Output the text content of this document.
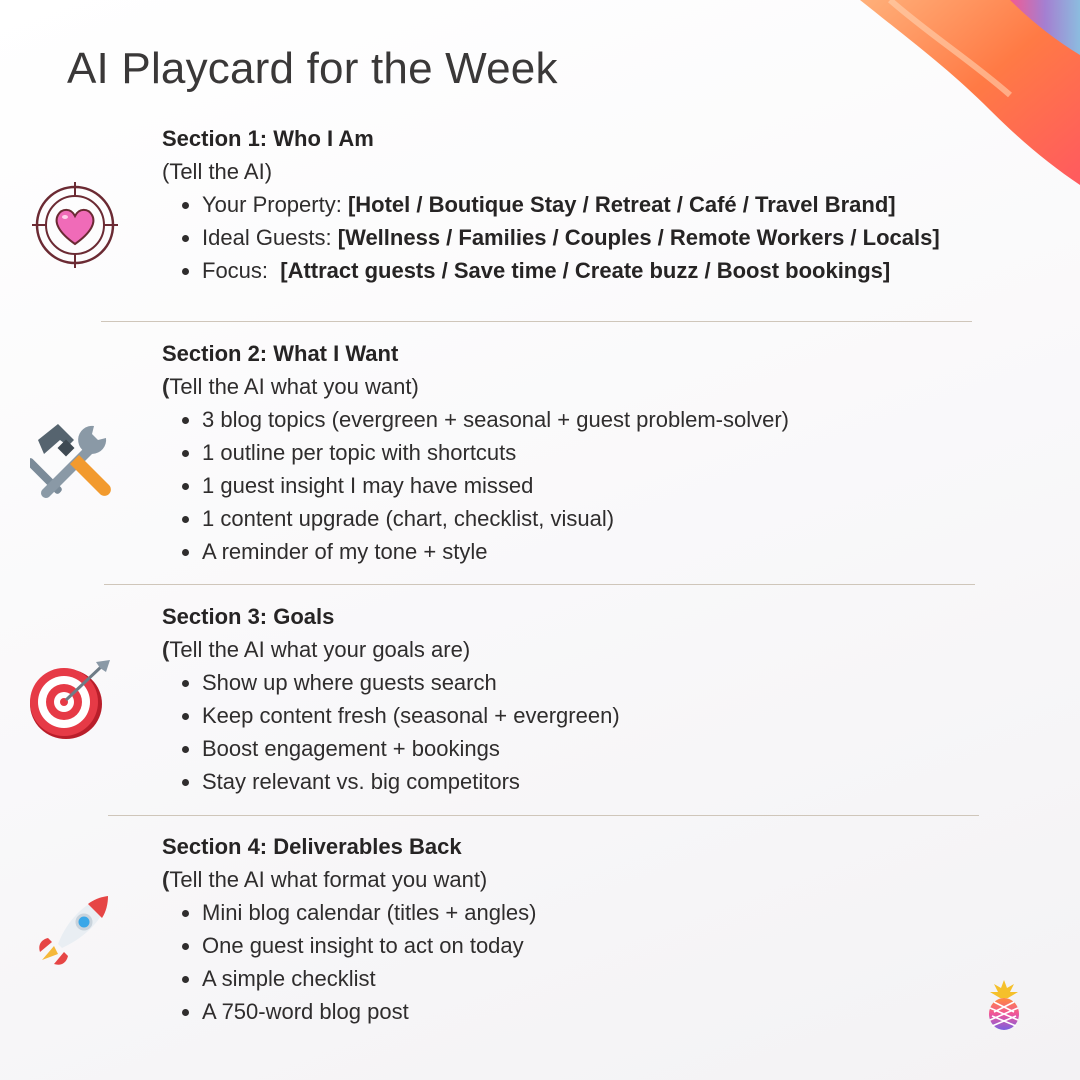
AI Playcard for the Week
Section 1: Who I Am
(Tell the AI)
• Your Property: [Hotel / Boutique Stay / Retreat / Café / Travel Brand]
• Ideal Guests: [Wellness / Families / Couples / Remote Workers / Locals]
• Focus:  [Attract guests / Save time / Create buzz / Boost bookings]
Section 2: What I Want
(Tell the AI what you want)
• 3 blog topics (evergreen + seasonal + guest problem-solver)
• 1 outline per topic with shortcuts
• 1 guest insight I may have missed
• 1 content upgrade (chart, checklist, visual)
• A reminder of my tone + style
Section 3: Goals
(Tell the AI what your goals are)
• Show up where guests search
• Keep content fresh (seasonal + evergreen)
• Boost engagement + bookings
• Stay relevant vs. big competitors
Section 4: Deliverables Back
(Tell the AI what format you want)
• Mini blog calendar (titles + angles)
• One guest insight to act on today
• A simple checklist
• A 750-word blog post
